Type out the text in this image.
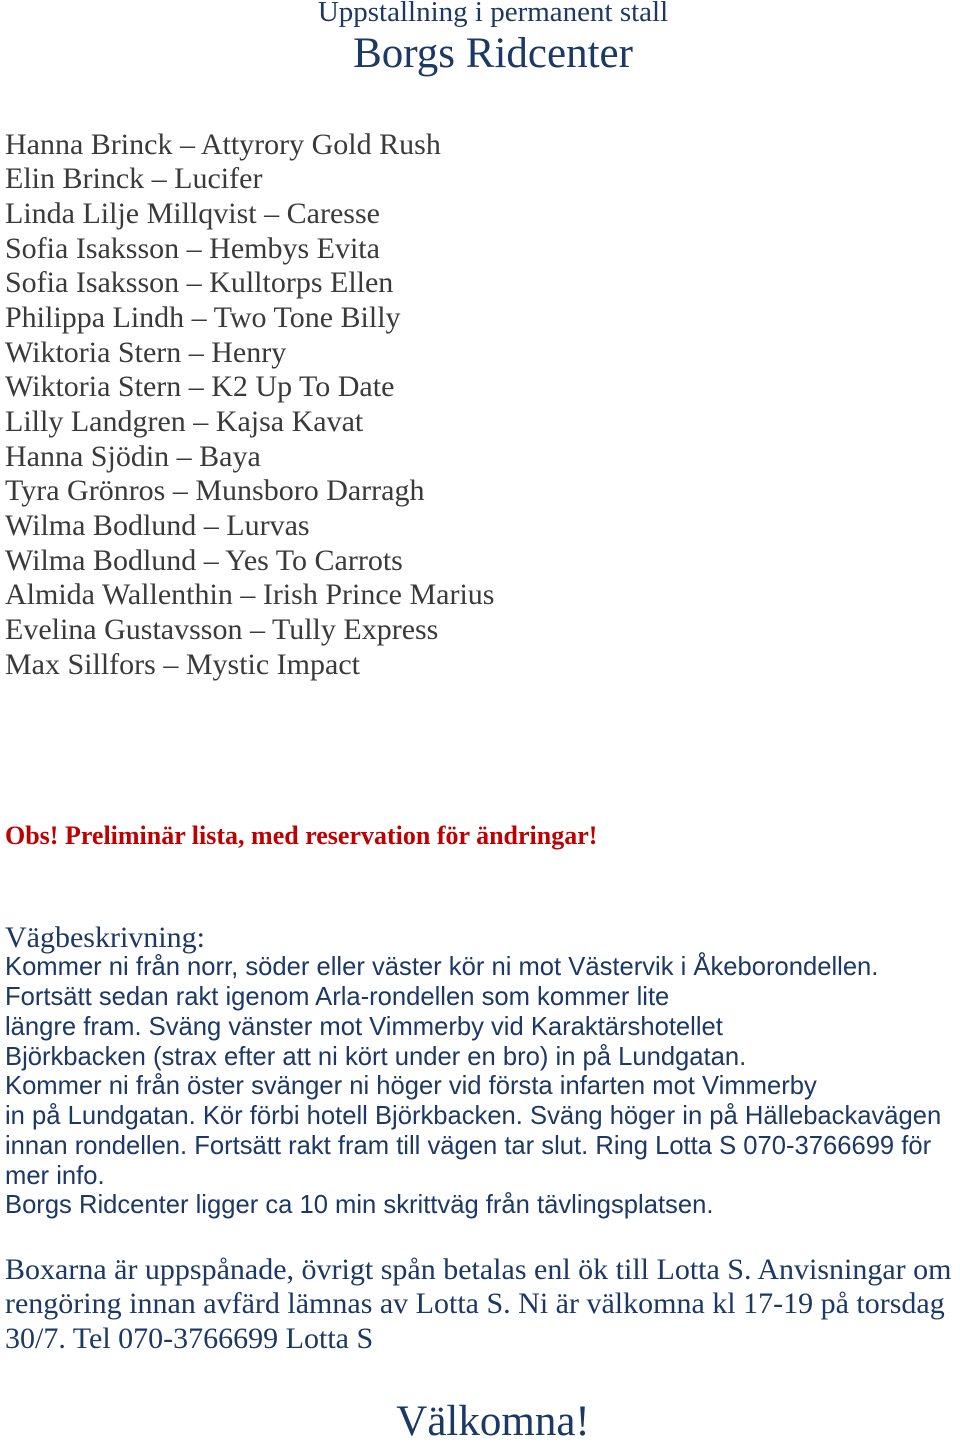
Uppstallning i permanent stall
Borgs Ridcenter
Hanna Brinck – Attyrory Gold Rush
Elin Brinck – Lucifer
Linda Lilje Millqvist – Caresse
Sofia Isaksson – Hembys Evita
Sofia Isaksson – Kulltorps Ellen
Philippa Lindh – Two Tone Billy
Wiktoria Stern – Henry
Wiktoria Stern – K2 Up To Date
Lilly Landgren – Kajsa Kavat
Hanna Sjödin – Baya
Tyra Grönros – Munsboro Darragh
Wilma Bodlund – Lurvas
Wilma Bodlund – Yes To Carrots
Almida Wallenthin – Irish Prince Marius
Evelina Gustavsson – Tully Express
Max Sillfors – Mystic Impact
Obs! Preliminär lista, med reservation för ändringar!
Vägbeskrivning:
Kommer ni från norr, söder eller väster kör ni mot Västervik i Åkeborondellen.
Fortsätt sedan rakt igenom Arla-rondellen som kommer lite
längre fram. Sväng vänster mot Vimmerby vid Karaktärshotellet
Björkbacken (strax efter att ni kört under en bro) in på Lundgatan.
Kommer ni från öster svänger ni höger vid första infarten mot Vimmerby
in på Lundgatan. Kör förbi hotell Björkbacken. Sväng höger in på Hällebackavägen
innan rondellen. Fortsätt rakt fram till vägen tar slut. Ring Lotta S 070-3766699 för
mer info.
Borgs Ridcenter ligger ca 10 min skrittväg från tävlingsplatsen.
Boxarna är uppspånade, övrigt spån betalas enl ök till Lotta S. Anvisningar om
rengöring innan avfärd lämnas av Lotta S. Ni är välkomna kl 17-19 på torsdag
30/7. Tel 070-3766699 Lotta S
Välkomna!
